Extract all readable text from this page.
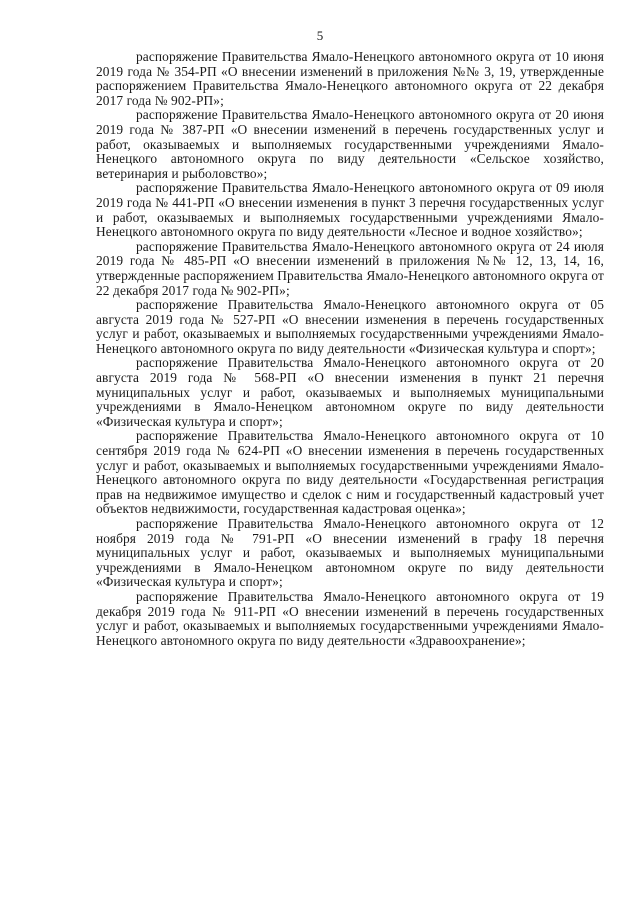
5

распоряжение Правительства Ямало-Ненецкого автономного округа от 10 июня 2019 года № 354-РП «О внесении изменений в приложения №№ 3, 19, утвержденные распоряжением Правительства Ямало-Ненецкого автономного округа от 22 декабря 2017 года № 902-РП»;

распоряжение Правительства Ямало-Ненецкого автономного округа от 20 июня 2019 года № 387-РП «О внесении изменений в перечень государственных услуг и работ, оказываемых и выполняемых государственными учреждениями Ямало-Ненецкого автономного округа по виду деятельности «Сельское хозяйство, ветеринария и рыболовство»;

распоряжение Правительства Ямало-Ненецкого автономного округа от 09 июля 2019 года № 441-РП «О внесении изменения в пункт 3 перечня государственных услуг и работ, оказываемых и выполняемых государственными учреждениями Ямало-Ненецкого автономного округа по виду деятельности «Лесное и водное хозяйство»;

распоряжение Правительства Ямало-Ненецкого автономного округа от 24 июля 2019 года № 485-РП «О внесении изменений в приложения №№ 12, 13, 14, 16, утвержденные распоряжением Правительства Ямало-Ненецкого автономного округа от 22 декабря 2017 года № 902-РП»;

распоряжение Правительства Ямало-Ненецкого автономного округа от 05 августа 2019 года № 527-РП «О внесении изменения в перечень государственных услуг и работ, оказываемых и выполняемых государственными учреждениями Ямало-Ненецкого автономного округа по виду деятельности «Физическая культура и спорт»;

распоряжение Правительства Ямало-Ненецкого автономного округа от 20 августа 2019 года № 568-РП «О внесении изменения в пункт 21 перечня муниципальных услуг и работ, оказываемых и выполняемых муниципальными учреждениями в Ямало-Ненецком автономном округе по виду деятельности «Физическая культура и спорт»;

распоряжение Правительства Ямало-Ненецкого автономного округа от 10 сентября 2019 года № 624-РП «О внесении изменения в перечень государственных услуг и работ, оказываемых и выполняемых государственными учреждениями Ямало-Ненецкого автономного округа по виду деятельности «Государственная регистрация прав на недвижимое имущество и сделок с ним и государственный кадастровый учет объектов недвижимости, государственная кадастровая оценка»;

распоряжение Правительства Ямало-Ненецкого автономного округа от 12 ноября 2019 года № 791-РП «О внесении изменений в графу 18 перечня муниципальных услуг и работ, оказываемых и выполняемых муниципальными учреждениями в Ямало-Ненецком автономном округе по виду деятельности «Физическая культура и спорт»;

распоряжение Правительства Ямало-Ненецкого автономного округа от 19 декабря 2019 года № 911-РП «О внесении изменений в перечень государственных услуг и работ, оказываемых и выполняемых государственными учреждениями Ямало-Ненецкого автономного округа по виду деятельности «Здравоохранение»;
